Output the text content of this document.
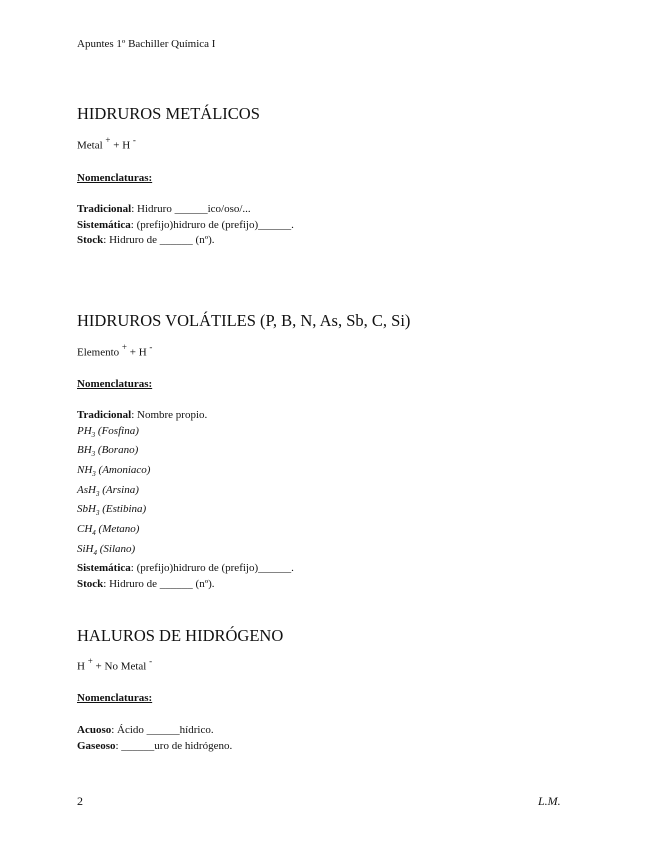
Apuntes 1º Bachiller Química I
HIDRUROS METÁLICOS
Metal + + H -
Nomenclaturas:
Tradicional: Hidruro ______ico/oso/...
Sistemática: (prefijo)hidruro de (prefijo)______.
Stock: Hidruro de ______ (nº).
HIDRUROS VOLÁTILES (P, B, N, As, Sb, C, Si)
Elemento + + H -
Nomenclaturas:
Tradicional: Nombre propio.
$PH_3$ (Fosfina)
$BH_3$ (Borano)
$NH_3$ (Amoniaco)
AsH$_3$ (Arsina)
SbH$_3$ (Estibina)
$CH_4$ (Metano)
SiH$_4$ (Silano)
Sistemática: (prefijo)hidruro de (prefijo)______.
Stock: Hidruro de ______ (nº).
HALUROS DE HIDRÓGENO
H + + No Metal -
Nomenclaturas:
Acuoso: Ácido ______hídrico.
Gaseoso: ______uro de hidrógeno.
2	L.M.
